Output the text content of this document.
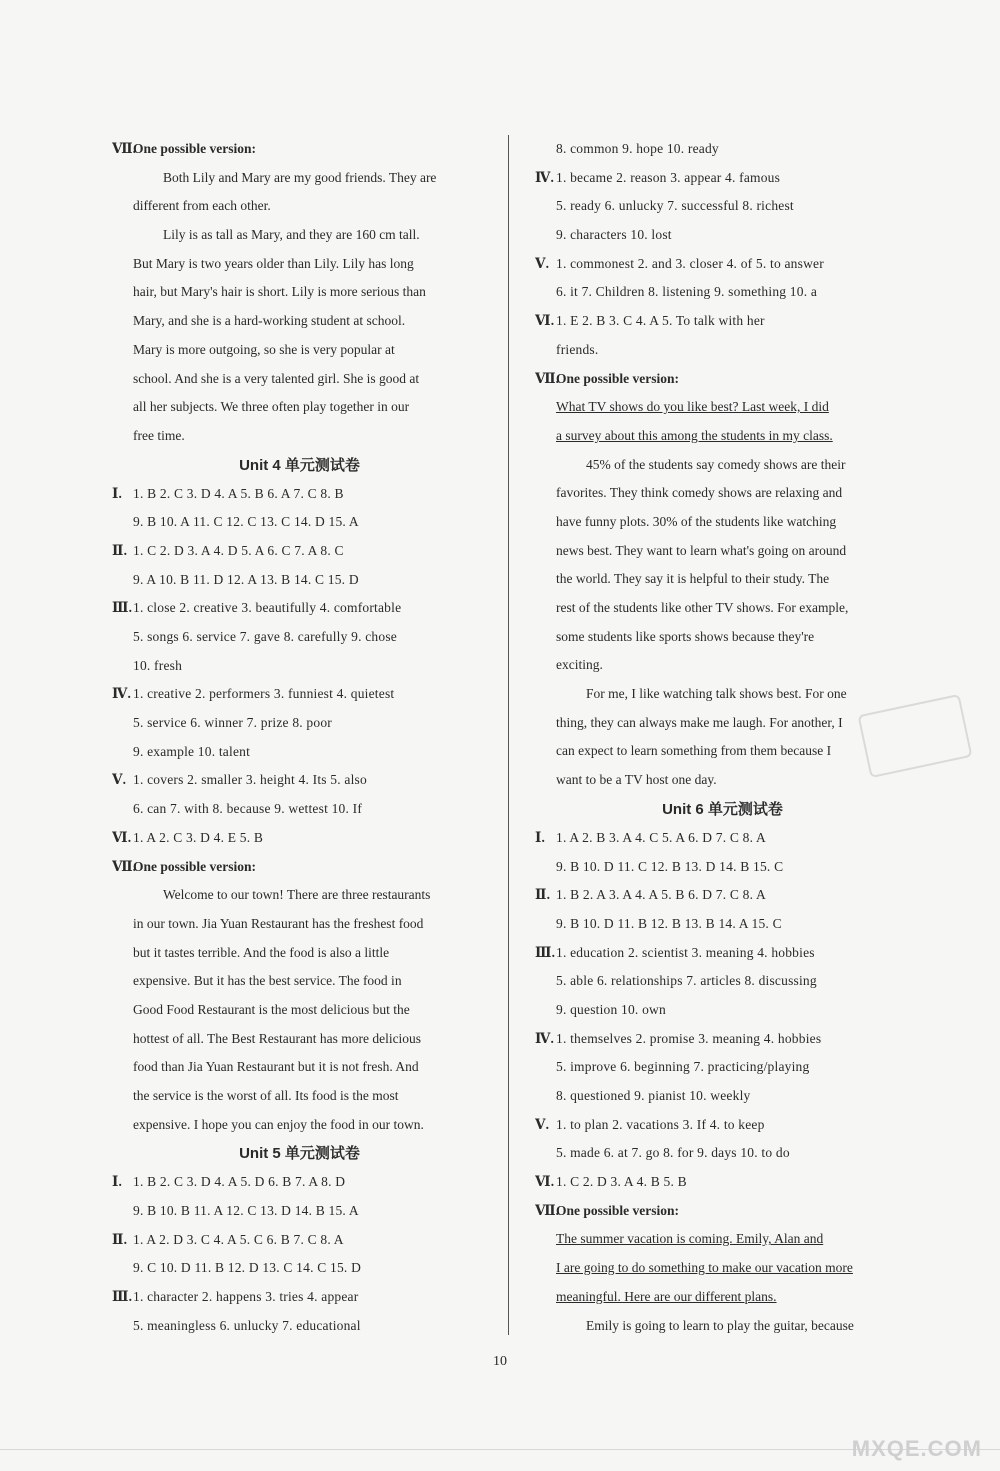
Ⅶ.One possible version:
Both Lily and Mary are my good friends. They are
different from each other.
Lily is as tall as Mary, and they are 160 cm tall.
But Mary is two years older than Lily. Lily has long
hair, but Mary's hair is short. Lily is more serious than
Mary, and she is a hard-working student at school.
Mary is more outgoing, so she is very popular at
school. And she is a very talented girl. She is good at
all her subjects. We three often play together in our
free time.
Unit 4 单元测试卷
Ⅰ. 1. B 2. C 3. D 4. A 5. B 6. A 7. C 8. B
9. B 10. A 11. C 12. C 13. C 14. D 15. A
Ⅱ. 1. C 2. D 3. A 4. D 5. A 6. C 7. A 8. C
9. A 10. B 11. D 12. A 13. B 14. C 15. D
Ⅲ.1. close 2. creative 3. beautifully 4. comfortable
5. songs 6. service 7. gave 8. carefully 9. chose
10. fresh
Ⅳ. 1. creative 2. performers 3. funniest 4. quietest
5. service 6. winner 7. prize 8. poor
9. example 10. talent
Ⅴ. 1. covers 2. smaller 3. height 4. Its 5. also
6. can 7. with 8. because 9. wettest 10. If
Ⅵ. 1. A 2. C 3. D 4. E 5. B
Ⅶ.One possible version:
Welcome to our town! There are three restaurants
in our town. Jia Yuan Restaurant has the freshest food
but it tastes terrible. And the food is also a little
expensive. But it has the best service. The food in
Good Food Restaurant is the most delicious but the
hottest of all. The Best Restaurant has more delicious
food than Jia Yuan Restaurant but it is not fresh. And
the service is the worst of all. Its food is the most
expensive. I hope you can enjoy the food in our town.
Unit 5 单元测试卷
Ⅰ. 1. B 2. C 3. D 4. A 5. D 6. B 7. A 8. D
9. B 10. B 11. A 12. C 13. D 14. B 15. A
Ⅱ. 1. A 2. D 3. C 4. A 5. C 6. B 7. C 8. A
9. C 10. D 11. B 12. D 13. C 14. C 15. D
Ⅲ.1. character 2. happens 3. tries 4. appear
5. meaningless 6. unlucky 7. educational
8. common 9. hope 10. ready
Ⅳ. 1. became 2. reason 3. appear 4. famous
5. ready 6. unlucky 7. successful 8. richest
9. characters 10. lost
Ⅴ. 1. commonest 2. and 3. closer 4. of 5. to answer
6. it 7. Children 8. listening 9. something 10. a
Ⅵ. 1. E 2. B 3. C 4. A 5. To talk with her
friends.
Ⅶ.One possible version:
What TV shows do you like best? Last week, I did
a survey about this among the students in my class.
45% of the students say comedy shows are their
favorites. They think comedy shows are relaxing and
have funny plots. 30% of the students like watching
news best. They want to learn what's going on around
the world. They say it is helpful to their study. The
rest of the students like other TV shows. For example,
some students like sports shows because they're
exciting.
For me, I like watching talk shows best. For one
thing, they can always make me laugh. For another, I
can expect to learn something from them because I
want to be a TV host one day.
Unit 6 单元测试卷
Ⅰ. 1. A 2. B 3. A 4. C 5. A 6. D 7. C 8. A
9. B 10. D 11. C 12. B 13. D 14. B 15. C
Ⅱ. 1. B 2. A 3. A 4. A 5. B 6. D 7. C 8. A
9. B 10. D 11. B 12. B 13. B 14. A 15. C
Ⅲ.1. education 2. scientist 3. meaning 4. hobbies
5. able 6. relationships 7. articles 8. discussing
9. question 10. own
Ⅳ. 1. themselves 2. promise 3. meaning 4. hobbies
5. improve 6. beginning 7. practicing/playing
8. questioned 9. pianist 10. weekly
Ⅴ. 1. to plan 2. vacations 3. If 4. to keep
5. made 6. at 7. go 8. for 9. days 10. to do
Ⅵ. 1. C 2. D 3. A 4. B 5. B
Ⅶ.One possible version:
The summer vacation is coming. Emily, Alan and
I are going to do something to make our vacation more
meaningful. Here are our different plans.
Emily is going to learn to play the guitar, because
10
MXQE.COM
